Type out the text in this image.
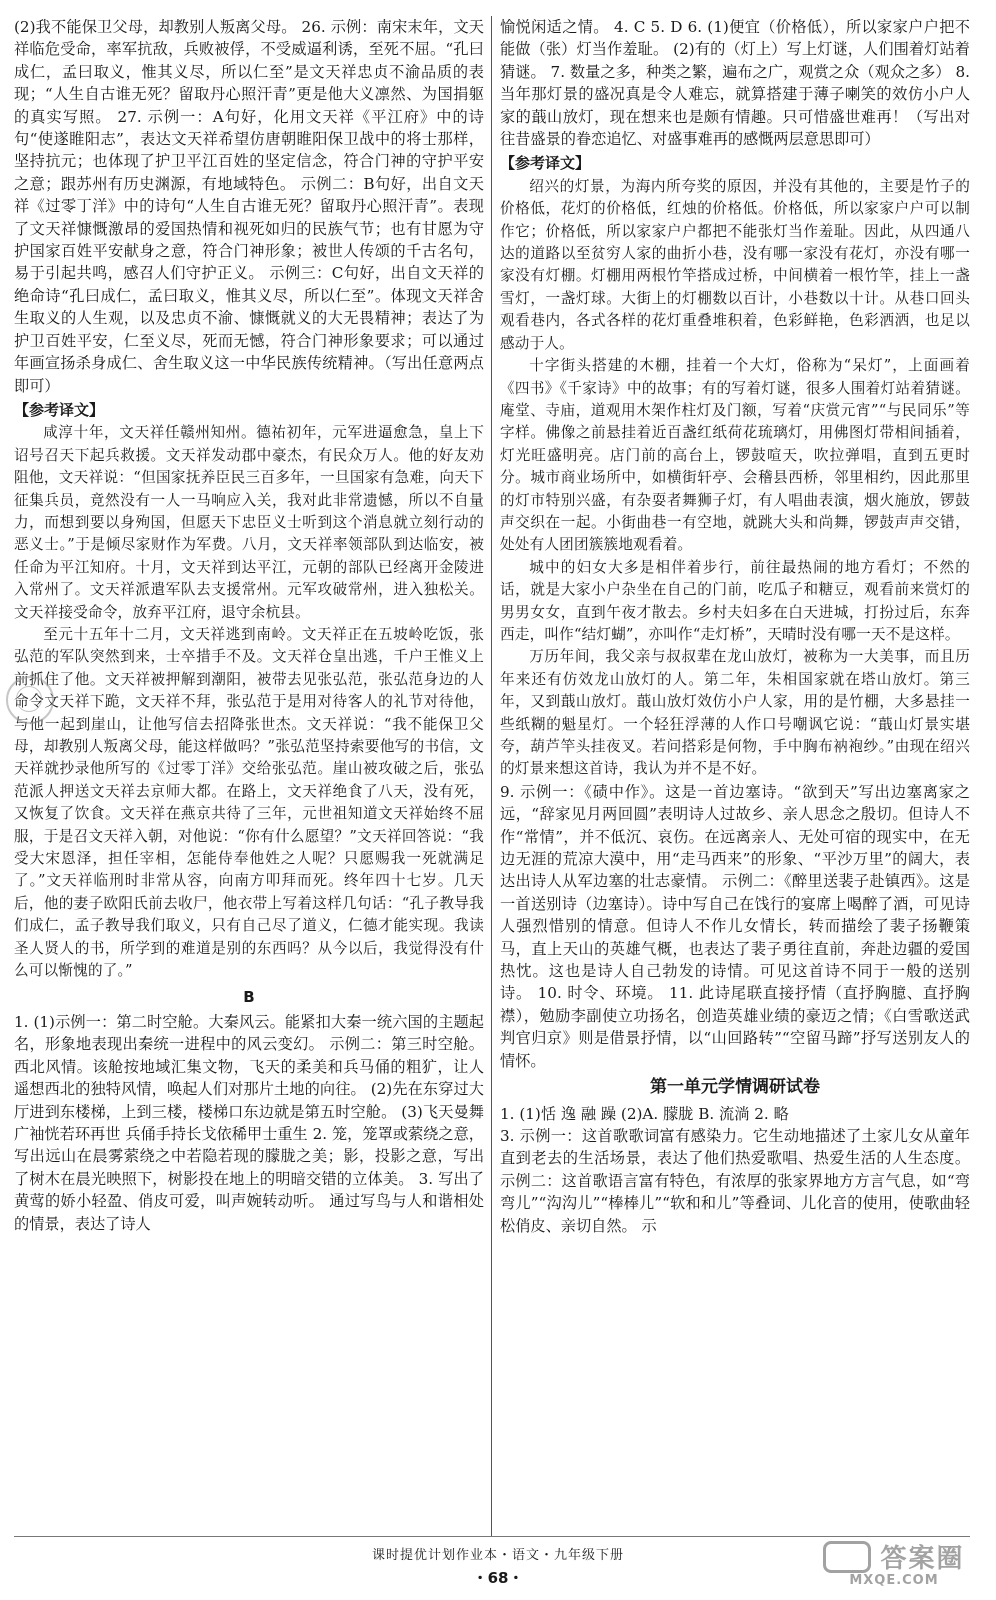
(2)我不能保卫父母，却教别人叛离父母。 26. 示例：南宋末年，文天祥临危受命，率军抗敌，兵败被俘，不受威逼利诱，至死不屈。“孔曰成仁，孟曰取义，惟其义尽，所以仁至”是文天祥忠贞不渝品质的表现；“人生自古谁无死？留取丹心照汗青”更是他大义凛然、为国捐躯的真实写照。 27. 示例一：A句好，化用文天祥《平江府》中的诗句“使遂睢阳志”，表达文天祥希望仿唐朝睢阳保卫战中的将士那样，坚持抗元；也体现了护卫平江百姓的坚定信念，符合门神的守护平安之意；跟苏州有历史渊源，有地域特色。 示例二：B句好，出自文天祥《过零丁洋》中的诗句“人生自古谁无死？留取丹心照汗青”。表现了文天祥慷慨激昂的爱国热情和视死如归的民族气节；也有甘愿为守护国家百姓平安献身之意，符合门神形象；被世人传颂的千古名句，易于引起共鸣，感召人们守护正义。 示例三：C句好，出自文天祥的绝命诗“孔曰成仁，孟曰取义，惟其义尽，所以仁至”。体现文天祥舍生取义的人生观，以及忠贞不渝、慷慨就义的大无畏精神；表达了为护卫百姓平安，仁至义尽，死而无憾，符合门神形象要求；可以通过年画宣扬杀身成仁、舍生取义这一中华民族传统精神。（写出任意两点即可）

【参考译文】

咸淳十年，文天祥任赣州知州。德祐初年，元军进逼愈急，皇上下诏号召天下起兵救援。文天祥发动郡中豪杰，有民众万人。他的好友劝阻他，文天祥说：“但国家抚养臣民三百多年，一旦国家有急难，向天下征集兵员，竟然没有一人一马响应入关，我对此非常遗憾，所以不自量力，而想到要以身殉国，但愿天下忠臣义士听到这个消息就立刻行动的恶义士。”于是倾尽家财作为军费。八月，文天祥率领部队到达临安，被任命为平江知府。十月，文天祥到达平江，元朝的部队已经离开金陵进入常州了。文天祥派遣军队去支援常州。元军攻破常州，进入独松关。文天祥接受命令，放弃平江府，退守余杭县。

至元十五年十二月，文天祥逃到南岭。文天祥正在五坡岭吃饭，张弘范的军队突然到来，士卒措手不及。文天祥仓皇出逃，千户王惟义上前抓住了他。文天祥被押解到潮阳，被带去见张弘范，张弘范身边的人命令文天祥下跪，文天祥不拜，张弘范于是用对待客人的礼节对待他，与他一起到崖山，让他写信去招降张世杰。文天祥说：“我不能保卫父母，却教别人叛离父母，能这样做吗？”张弘范坚持索要他写的书信，文天祥就抄录他所写的《过零丁洋》交给张弘范。崖山被攻破之后，张弘范派人押送文天祥去京师大都。在路上，文天祥绝食了八天，没有死，又恢复了饮食。文天祥在燕京共待了三年，元世祖知道文天祥始终不屈服，于是召文天祥入朝，对他说：“你有什么愿望？”文天祥回答说：“我受大宋恩泽，担任宰相，怎能侍奉他姓之人呢？只愿赐我一死就满足了。”文天祥临刑时非常从容，向南方叩拜而死。终年四十七岁。几天后，他的妻子欧阳氏前去收尸，他衣带上写着这样几句话：“孔子教导我们成仁，孟子教导我们取义，只有自己尽了道义，仁德才能实现。我读圣人贤人的书，所学到的难道是别的东西吗？从今以后，我觉得没有什么可以惭愧的了。”

B

1. (1)示例一：第二时空舱。大秦风云。能紧扣大秦一统六国的主题起名，形象地表现出秦统一进程中的风云变幻。 示例二：第三时空舱。西北风情。该舱按地域汇集文物，飞天的柔美和兵马俑的粗犷，让人遥想西北的独特风情，唤起人们对那片土地的向往。 (2)先在东穿过大厅进到东楼梯，上到三楼，楼梯口东边就是第五时空舱。 (3)飞天曼舞广袖恍若环再世 兵俑手持长戈依稀甲士重生 2. 笼，笼罩或萦绕之意，写出远山在晨雾萦绕之中若隐若现的朦胧之美；影，投影之意，写出了树木在晨光映照下，树影投在地上的明暗交错的立体美。 3. 写出了黄莺的娇小轻盈、俏皮可爱，叫声婉转动听。 通过写鸟与人和谐相处的情景，表达了诗人

愉悦闲适之情。 4. C 5. D 6. (1)便宜（价格低），所以家家户户把不能做（张）灯当作羞耻。 (2)有的（灯上）写上灯谜，人们围着灯站着猜谜。 7. 数量之多，种类之繁，遍布之广，观赏之众（观众之多） 8. 当年那灯景的盛况真是令人难忘，就算搭建于薄子喇笑的效仿小户人家的蕺山放灯，现在想来也是颇有情趣。只可惜盛世难再！（写出对往昔盛景的眷恋追忆、对盛事难再的感慨两层意思即可）

【参考译文】

绍兴的灯景，为海内所夸奖的原因，并没有其他的，主要是竹子的价格低，花灯的价格低，红烛的价格低。价格低，所以家家户户可以制作它；价格低，所以家家户户都把不能张灯当作羞耻。因此，从四通八达的道路以至贫穷人家的曲折小巷，没有哪一家没有花灯，亦没有哪一家没有灯棚。灯棚用两根竹竿搭成过桥，中间横着一根竹竿，挂上一盏雪灯，一盏灯球。大街上的灯棚数以百计，小巷数以十计。从巷口回头观看巷内，各式各样的花灯重叠堆积着，色彩鲜艳，色彩洒洒，也足以感动于人。

十字街头搭建的木棚，挂着一个大灯，俗称为“呆灯”，上面画着《四书》《千家诗》中的故事；有的写着灯谜，很多人围着灯站着猜谜。庵堂、寺庙，道观用木架作柱灯及门额，写着“庆赏元宵”“与民同乐”等字样。佛像之前悬挂着近百盏红纸荷花琉璃灯，用佛图灯带相间插着，灯光旺盛明亮。店门前的高台上，锣鼓喧天，吹拉弹唱，直到五更时分。城市商业场所中，如横街轩亭、会稽县西桥，邻里相约，因此那里的灯市特别兴盛，有杂耍者舞狮子灯，有人唱曲表演，烟火施放，锣鼓声交织在一起。小街曲巷一有空地，就跳大头和尚舞，锣鼓声声交错，处处有人团团簇簇地观看着。

城中的妇女大多是相伴着步行，前往最热闹的地方看灯；不然的话，就是大家小户杂坐在自己的门前，吃瓜子和糖豆，观看前来赏灯的男男女女，直到午夜才散去。乡村夫妇多在白天进城，打扮过后，东奔西走，叫作“结灯蝴”，亦叫作“走灯桥”，天晴时没有哪一天不是这样。

万历年间，我父亲与叔叔辈在龙山放灯，被称为一大美事，而且历年来还有仿效龙山放灯的人。第二年，朱相国家就在塔山放灯。第三年，又到蕺山放灯。蕺山放灯效仿小户人家，用的是竹棚，大多悬挂一些纸糊的魁星灯。一个轻狂浮薄的人作口号嘲讽它说：“蕺山灯景实堪夸，葫芦竿头挂夜叉。若问搭彩是何物，手中胸布衲袍纱。”由现在绍兴的灯景来想这首诗，我认为并不是不好。

9. 示例一：《碛中作》。这是一首边塞诗。“欲到天”写出边塞离家之远，“辞家见月两回圆”表明诗人过故乡、亲人思念之殷切。但诗人不作“常情”，并不低沉、哀伤。在远离亲人、无处可宿的现实中，在无边无涯的荒凉大漠中，用“走马西来”的形象、“平沙万里”的阔大，表达出诗人从军边塞的壮志豪情。 示例二：《醉里送裴子赴镇西》。这是一首送别诗（边塞诗）。诗中写自己在饯行的宴席上喝醉了酒，可见诗人强烈惜别的情意。但诗人不作儿女情长，转而描绘了裴子扬鞭策马，直上天山的英雄气概，也表达了裴子勇往直前，奔赴边疆的爱国热忱。这也是诗人自己勃发的诗情。可见这首诗不同于一般的送别诗。 10. 时令、环境。 11. 此诗尾联直接抒情（直抒胸臆、直抒胸襟），勉励李副使立功扬名，创造英雄业绩的豪迈之情；《白雪歌送武判官归京》则是借景抒情，以“山回路转”“空留马蹄”抒写送别友人的情怀。

第一单元学情调研试卷

1. (1)恬 逸 融 躁 (2)A. 朦胧 B. 流淌 2. 略

3. 示例一：这首歌歌词富有感染力。它生动地描述了土家儿女从童年直到老去的生活场景，表达了他们热爱歌唱、热爱生活的人生态度。 示例二：这首歌语言富有特色，有浓厚的张家界地方方言气息，如“弯弯儿”“沟沟儿”“棒棒儿”“软和和儿”等叠词、儿化音的使用，使歌曲轻松俏皮、亲切自然。 示

课时提优计划作业本・语文・九年级下册
・68・
答案圈
MXQE.COM
